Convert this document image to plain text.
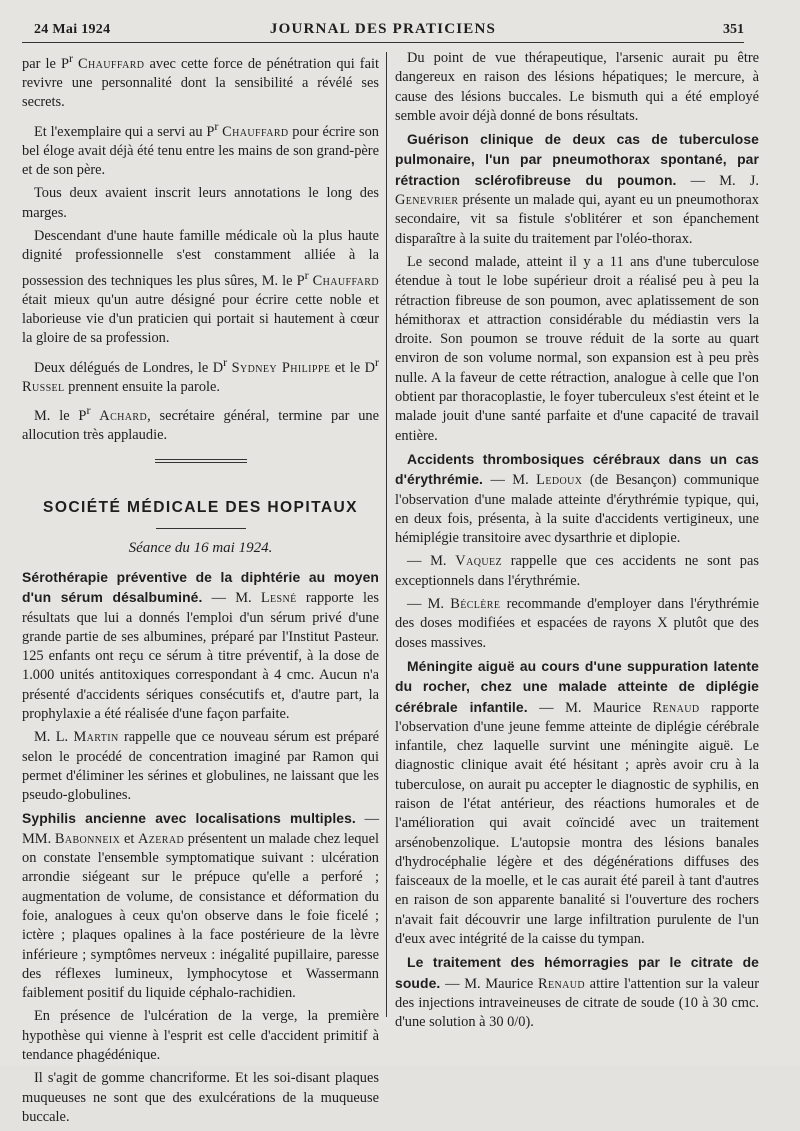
24 Mai 1924	JOURNAL DES PRATICIENS	351

par le $P^r$ Chauffard avec cette force de pénétration qui fait revivre une personnalité dont la sensibilité a révélé ses secrets.

Et l'exemplaire qui a servi au $P^r$ Chauffard pour écrire son bel éloge avait déjà été tenu entre les mains de son grand-père et de son père.

Tous deux avaient inscrit leurs annotations le long des marges.

Descendant d'une haute famille médicale où la plus haute dignité professionnelle s'est constamment alliée à la possession des techniques les plus sûres, M. le $P^r$ Chauffard était mieux qu'un autre désigné pour écrire cette noble et laborieuse vie d'un praticien qui portait si hautement à cœur la gloire de sa profession.

Deux délégués de Londres, le $D^r$ Sydney Philippe et le $D^r$ Russel prennent ensuite la parole.

M. le $P^r$ Achard, secrétaire général, termine par une allocution très applaudie.

SOCIÉTÉ MÉDICALE DES HOPITAUX

Séance du 16 mai 1924.

Sérothérapie préventive de la diphtérie au moyen d'un sérum désalbuminé. — M. Lesné rapporte les résultats que lui a donnés l'emploi d'un sérum privé d'une grande partie de ses albumines, préparé par l'Institut Pasteur. 125 enfants ont reçu ce sérum à titre préventif, à la dose de 1.000 unités antitoxiques correspondant à 4 cmc. Aucun n'a présenté d'accidents sériques consécutifs et, d'autre part, la prophylaxie a été réalisée d'une façon parfaite.

M. L. Martin rappelle que ce nouveau sérum est préparé selon le procédé de concentration imaginé par Ramon qui permet d'éliminer les sérines et globulines, ne laissant que les pseudo-globulines.

Syphilis ancienne avec localisations multiples. — MM. Babonneix et Azerad présentent un malade chez lequel on constate l'ensemble symptomatique suivant : ulcération arrondie siégeant sur le prépuce qu'elle a perforé ; augmentation de volume, de consistance et déformation du foie, analogues à ceux qu'on observe dans le foie ficelé ; ictère ; plaques opalines à la face postérieure de la lèvre inférieure ; symptômes nerveux : inégalité pupillaire, paresse des réflexes lumineux, lymphocytose et Wassermann faiblement positif du liquide céphalo-rachidien.

En présence de l'ulcération de la verge, la première hypothèse qui vienne à l'esprit est celle d'accident primitif à tendance phagédénique.

Il s'agit de gomme chancriforme. Et les soi-disant plaques muqueuses ne sont que des exulcérations de la muqueuse buccale.

Du point de vue thérapeutique, l'arsenic aurait pu être dangereux en raison des lésions hépatiques; le mercure, à cause des lésions buccales. Le bismuth qui a été employé semble avoir déjà donné de bons résultats.

Guérison clinique de deux cas de tuberculose pulmonaire, l'un par pneumothorax spontané, par rétraction sclérofibreuse du poumon. — M. J. Genevrier présente un malade qui, ayant eu un pneumothorax secondaire, vit sa fistule s'oblitérer et son épanchement disparaître à la suite du traitement par l'oléo-thorax.

Le second malade, atteint il y a 11 ans d'une tuberculose étendue à tout le lobe supérieur droit a réalisé peu à peu la rétraction fibreuse de son poumon, avec aplatissement de son hémithorax et attraction considérable du médiastin vers la droite. Son poumon se trouve réduit de la sorte au quart environ de son volume normal, son expansion est à peu près nulle. A la faveur de cette rétraction, analogue à celle que l'on obtient par thoracoplastie, le foyer tuberculeux s'est éteint et le malade jouit d'une santé parfaite et d'une capacité de travail entière.

Accidents thrombosiques cérébraux dans un cas d'érythrémie. — M. Ledoux (de Besançon) communique l'observation d'une malade atteinte d'érythrémie typique, qui, en deux fois, présenta, à la suite d'accidents vertigineux, une hémiplégie transitoire avec dysarthrie et diplopie.

— M. Vaquez rappelle que ces accidents ne sont pas exceptionnels dans l'érythrémie.

— M. Béclère recommande d'employer dans l'érythrémie des doses modifiées et espacées de rayons X plutôt que des doses massives.

Méningite aiguë au cours d'une suppuration latente du rocher, chez une malade atteinte de diplégie cérébrale infantile. — M. Maurice Renaud rapporte l'observation d'une jeune femme atteinte de diplégie cérébrale infantile, chez laquelle survint une méningite aiguë. Le diagnostic clinique avait été hésitant ; après avoir cru à la tuberculose, on aurait pu accepter le diagnostic de syphilis, en raison de l'état antérieur, des réactions humorales et de l'amélioration qui avait coïncidé avec un traitement arsénobenzolique. L'autopsie montra des lésions banales d'hydrocéphalie légère et des dégénérations diffuses des faisceaux de la moelle, et le cas aurait été pareil à tant d'autres en raison de son apparente banalité si l'ouverture des rochers n'avait fait découvrir une large infiltration purulente de l'un d'eux avec intégrité de la caisse du tympan.

Le traitement des hémorragies par le citrate de soude. — M. Maurice Renaud attire l'attention sur la valeur des injections intraveineuses de citrate de soude (10 à 30 cmc. d'une solution à 30 0/0).
